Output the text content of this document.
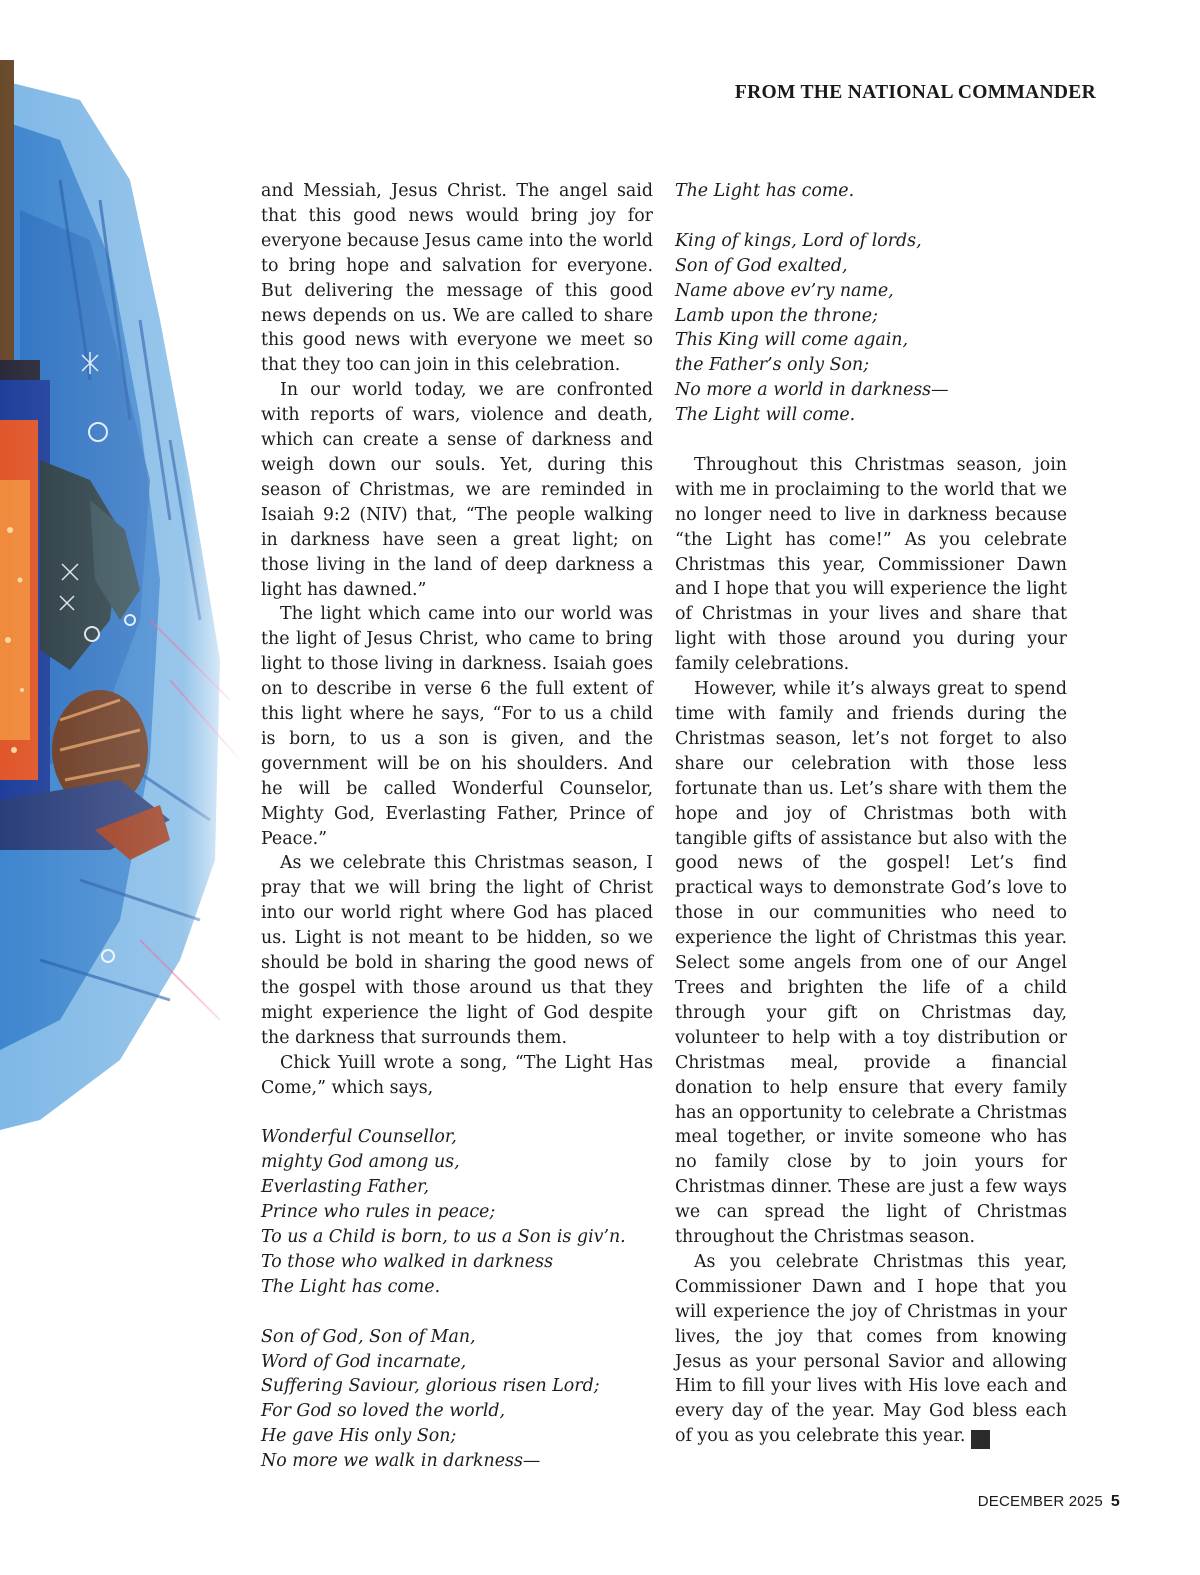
FROM THE NATIONAL COMMANDER

and Messiah, Jesus Christ. The angel said that this good news would bring joy for everyone because Jesus came into the world to bring hope and salvation for everyone. But delivering the message of this good news depends on us. We are called to share this good news with everyone we meet so that they too can join in this celebration.

In our world today, we are confronted with reports of wars, violence and death, which can create a sense of darkness and weigh down our souls. Yet, during this season of Christmas, we are reminded in Isaiah 9:2 (NIV) that, “The people walking in darkness have seen a great light; on those living in the land of deep darkness a light has dawned.”

The light which came into our world was the light of Jesus Christ, who came to bring light to those living in darkness. Isaiah goes on to describe in verse 6 the full extent of this light where he says, “For to us a child is born, to us a son is given, and the government will be on his shoulders. And he will be called Wonderful Counselor, Mighty God, Everlasting Father, Prince of Peace.”

As we celebrate this Christmas season, I pray that we will bring the light of Christ into our world right where God has placed us. Light is not meant to be hidden, so we should be bold in sharing the good news of the gospel with those around us that they might experience the light of God despite the darkness that surrounds them.

Chick Yuill wrote a song, “The Light Has Come,” which says,

Wonderful Counsellor,
mighty God among us,
Everlasting Father,
Prince who rules in peace;
To us a Child is born, to us a Son is giv’n.
To those who walked in darkness
The Light has come.
Son of God, Son of Man,
Word of God incarnate,
Suffering Saviour, glorious risen Lord;
For God so loved the world,
He gave His only Son;
No more we walk in darkness—
The Light has come.
King of kings, Lord of lords,
Son of God exalted,
Name above ev’ry name,
Lamb upon the throne;
This King will come again,
the Father’s only Son;
No more a world in darkness—
The Light will come.

Throughout this Christmas season, join with me in proclaiming to the world that we no longer need to live in darkness because “the Light has come!” As you celebrate Christmas this year, Commissioner Dawn and I hope that you will experience the light of Christmas in your lives and share that light with those around you during your family celebrations.

However, while it’s always great to spend time with family and friends during the Christmas season, let’s not forget to also share our celebration with those less fortunate than us. Let’s share with them the hope and joy of Christmas both with tangible gifts of assistance but also with the good news of the gospel! Let’s find practical ways to demonstrate God’s love to those in our communities who need to experience the light of Christmas this year. Select some angels from one of our Angel Trees and brighten the life of a child through your gift on Christmas day, volunteer to help with a toy distribution or Christmas meal, provide a financial donation to help ensure that every family has an opportunity to celebrate a Christmas meal together, or invite someone who has no family close by to join yours for Christmas dinner. These are just a few ways we can spread the light of Christmas throughout the Christmas season.

As you celebrate Christmas this year, Commissioner Dawn and I hope that you will experience the joy of Christmas in your lives, the joy that comes from knowing Jesus as your personal Savior and allowing Him to fill your lives with His love each and every day of the year. May God bless each of you as you celebrate this year. ✠

DECEMBER 2025 5
